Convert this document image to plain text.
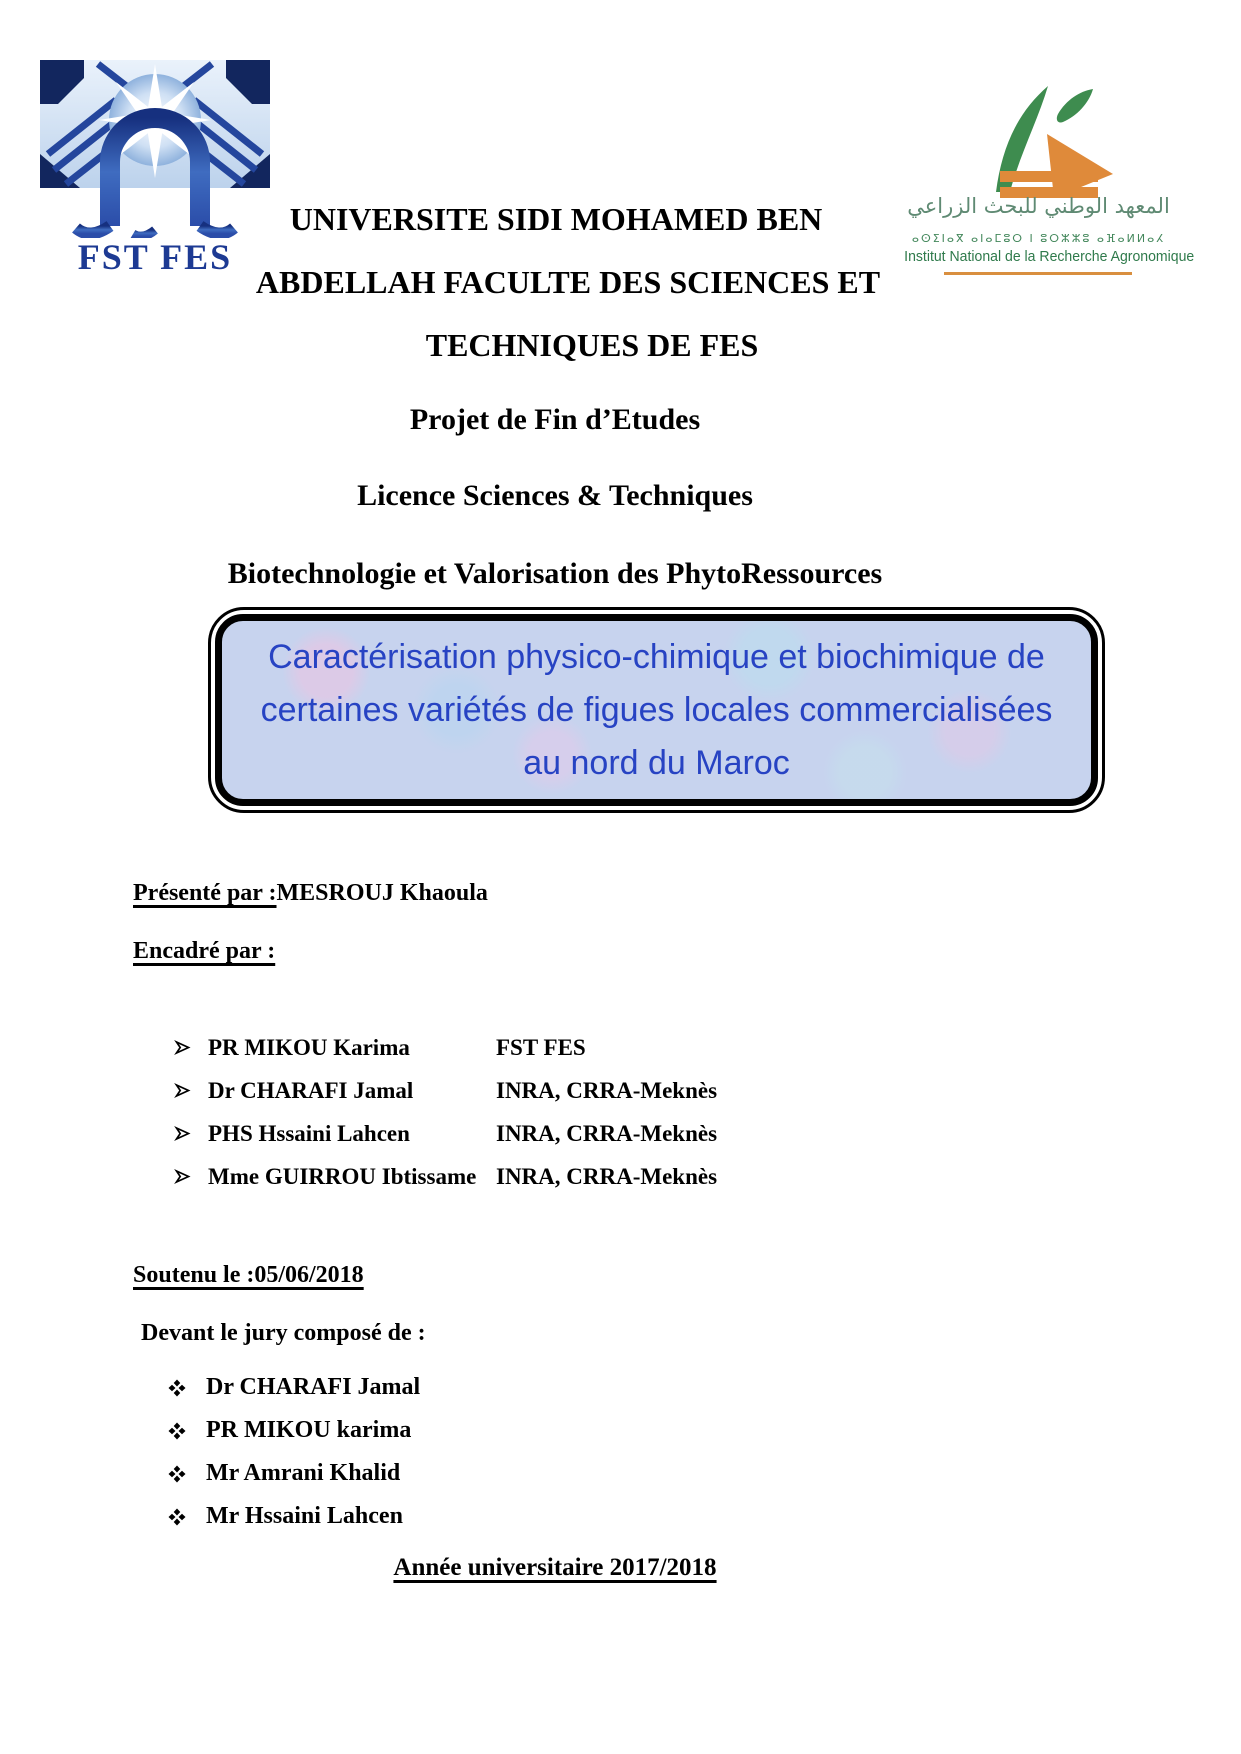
FST FES
المعهد الوطني للبحث الزراعي
ⴰⵙⵉⵏⴰⴳ ⴰⵏⴰⵎⵓⵔ ⵏ ⵓⵔⵣⵣⵓ ⴰⴼⴰⵍⵍⴰⵃ
Institut National de la Recherche Agronomique
UNIVERSITE SIDI MOHAMED BEN
ABDELLAH FACULTE DES SCIENCES ET
TECHNIQUES DE FES
Projet de Fin d’Etudes
Licence Sciences & Techniques
Biotechnologie et Valorisation des PhytoRessources
Caractérisation physico-chimique et biochimique de
certaines variétés de figues locales commercialisées
au nord du Maroc
Présenté par :MESROUJ Khaoula
Encadré par :
PR MIKOU Karima	FST FES
Dr CHARAFI Jamal	INRA, CRRA-Meknès
PHS Hssaini Lahcen	INRA, CRRA-Meknès
Mme GUIRROU Ibtissame INRA, CRRA-Meknès
Soutenu le :05/06/2018
Devant le jury composé de :
Dr CHARAFI Jamal
PR MIKOU karima
Mr Amrani Khalid
Mr Hssaini Lahcen
Année universitaire 2017/2018
